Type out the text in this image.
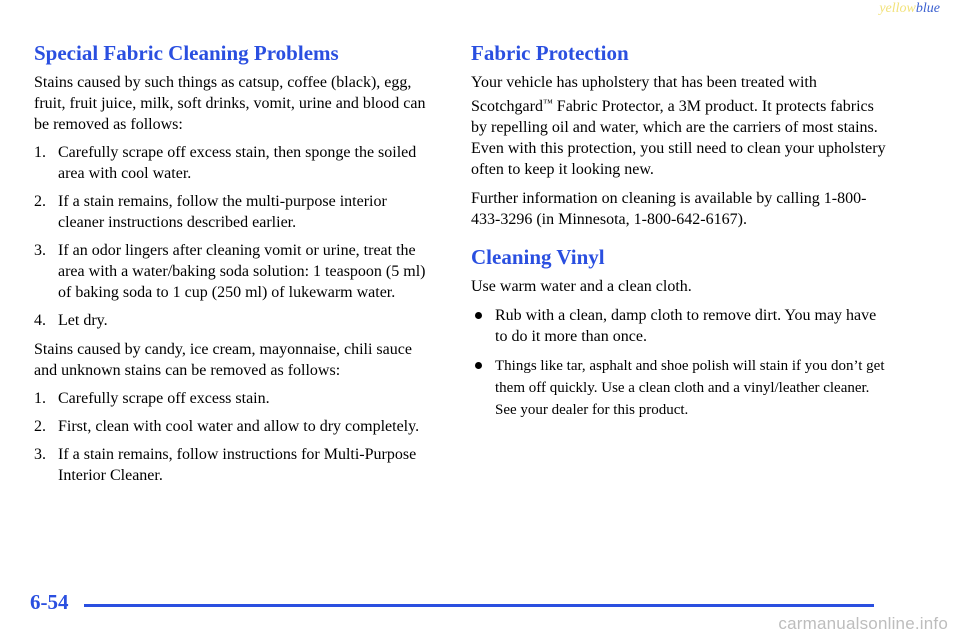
yellowblue
Special Fabric Cleaning Problems

Stains caused by such things as catsup, coffee (black), egg, fruit, fruit juice, milk, soft drinks, vomit, urine and blood can be removed as follows:

1. Carefully scrape off excess stain, then sponge the soiled area with cool water.
2. If a stain remains, follow the multi-purpose interior cleaner instructions described earlier.
3. If an odor lingers after cleaning vomit or urine, treat the area with a water/baking soda solution: 1 teaspoon (5 ml) of baking soda to 1 cup (250 ml) of lukewarm water.
4. Let dry.

Stains caused by candy, ice cream, mayonnaise, chili sauce and unknown stains can be removed as follows:

1. Carefully scrape off excess stain.
2. First, clean with cool water and allow to dry completely.
3. If a stain remains, follow instructions for Multi-Purpose Interior Cleaner.
Fabric Protection

Your vehicle has upholstery that has been treated with Scotchgard™ Fabric Protector, a 3M product. It protects fabrics by repelling oil and water, which are the carriers of most stains. Even with this protection, you still need to clean your upholstery often to keep it looking new.

Further information on cleaning is available by calling 1-800-433-3296 (in Minnesota, 1-800-642-6167).

Cleaning Vinyl

Use warm water and a clean cloth.

Rub with a clean, damp cloth to remove dirt. You may have to do it more than once.
Things like tar, asphalt and shoe polish will stain if you don’t get them off quickly. Use a clean cloth and a vinyl/leather cleaner. See your dealer for this product.
6-54
carmanualsonline.info
